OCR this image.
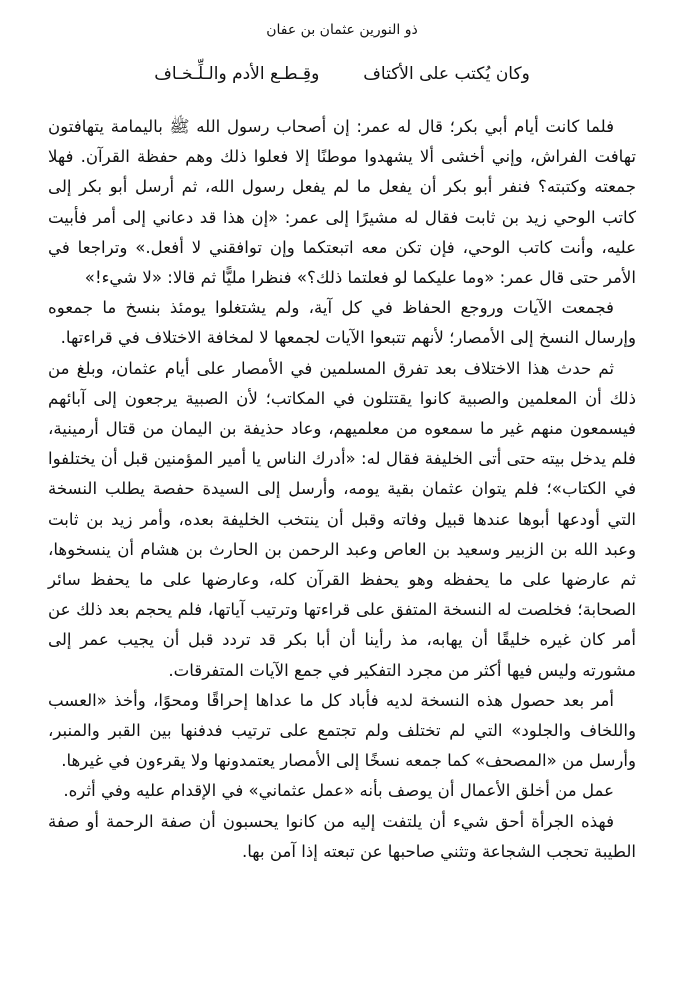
ذو النورين عثمان بن عفان
وكان يُكتب على الأكتاف
وقِـطـع الأدم والـلِّـخـاف

فلما كانت أيام أبي بكر؛ قال له عمر: إن أصحاب رسول الله ﷺ باليمامة يتهافتون تهافت الفراش، وإني أخشى ألا يشهدوا موطنًا إلا فعلوا ذلك وهم حفظة القرآن. فهلا جمعته وكتبته؟ فنفر أبو بكر أن يفعل ما لم يفعل رسول الله، ثم أرسل أبو بكر إلى كاتب الوحي زيد بن ثابت فقال له مشيرًا إلى عمر: «إن هذا قد دعاني إلى أمر فأبيت عليه، وأنت كاتب الوحي، فإن تكن معه اتبعتكما وإن توافقني لا أفعل.» وتراجعا في الأمر حتى قال عمر: «وما عليكما لو فعلتما ذلك؟» فنظرا مليًّا ثم قالا: «لا شيء!»

فجمعت الآيات وروجع الحفاظ في كل آية، ولم يشتغلوا يومئذ بنسخ ما جمعوه وإرسال النسخ إلى الأمصار؛ لأنهم تتبعوا الآيات لجمعها لا لمخافة الاختلاف في قراءتها.

ثم حدث هذا الاختلاف بعد تفرق المسلمين في الأمصار على أيام عثمان، وبلغ من ذلك أن المعلمين والصبية كانوا يقتتلون في المكاتب؛ لأن الصبية يرجعون إلى آبائهم فيسمعون منهم غير ما سمعوه من معلميهم، وعاد حذيفة بن اليمان من قتال أرمينية، فلم يدخل بيته حتى أتى الخليفة فقال له: «أدرك الناس يا أمير المؤمنين قبل أن يختلفوا في الكتاب»؛ فلم يتوان عثمان بقية يومه، وأرسل إلى السيدة حفصة يطلب النسخة التي أودعها أبوها عندها قبيل وفاته وقبل أن ينتخب الخليفة بعده، وأمر زيد بن ثابت وعبد الله بن الزبير وسعيد بن العاص وعبد الرحمن بن الحارث بن هشام أن ينسخوها، ثم عارضها على ما يحفظه وهو يحفظ القرآن كله، وعارضها على ما يحفظ سائر الصحابة؛ فخلصت له النسخة المتفق على قراءتها وترتيب آياتها، فلم يحجم بعد ذلك عن أمر كان غيره خليقًا أن يهابه، مذ رأينا أن أبا بكر قد تردد قبل أن يجيب عمر إلى مشورته وليس فيها أكثر من مجرد التفكير في جمع الآيات المتفرقات.

أمر بعد حصول هذه النسخة لديه فأباد كل ما عداها إحراقًا ومحوًا، وأخذ «العسب واللخاف والجلود» التي لم تختلف ولم تجتمع على ترتيب فدفنها بين القبر والمنبر، وأرسل من «المصحف» كما جمعه نسخًا إلى الأمصار يعتمدونها ولا يقرءون في غيرها.

عمل من أخلق الأعمال أن يوصف بأنه «عمل عثماني» في الإقدام عليه وفي أثره.

فهذه الجرأة أحق شيء أن يلتفت إليه من كانوا يحسبون أن صفة الرحمة أو صفة الطيبة تحجب الشجاعة وتثني صاحبها عن تبعته إذا آمن بها.
